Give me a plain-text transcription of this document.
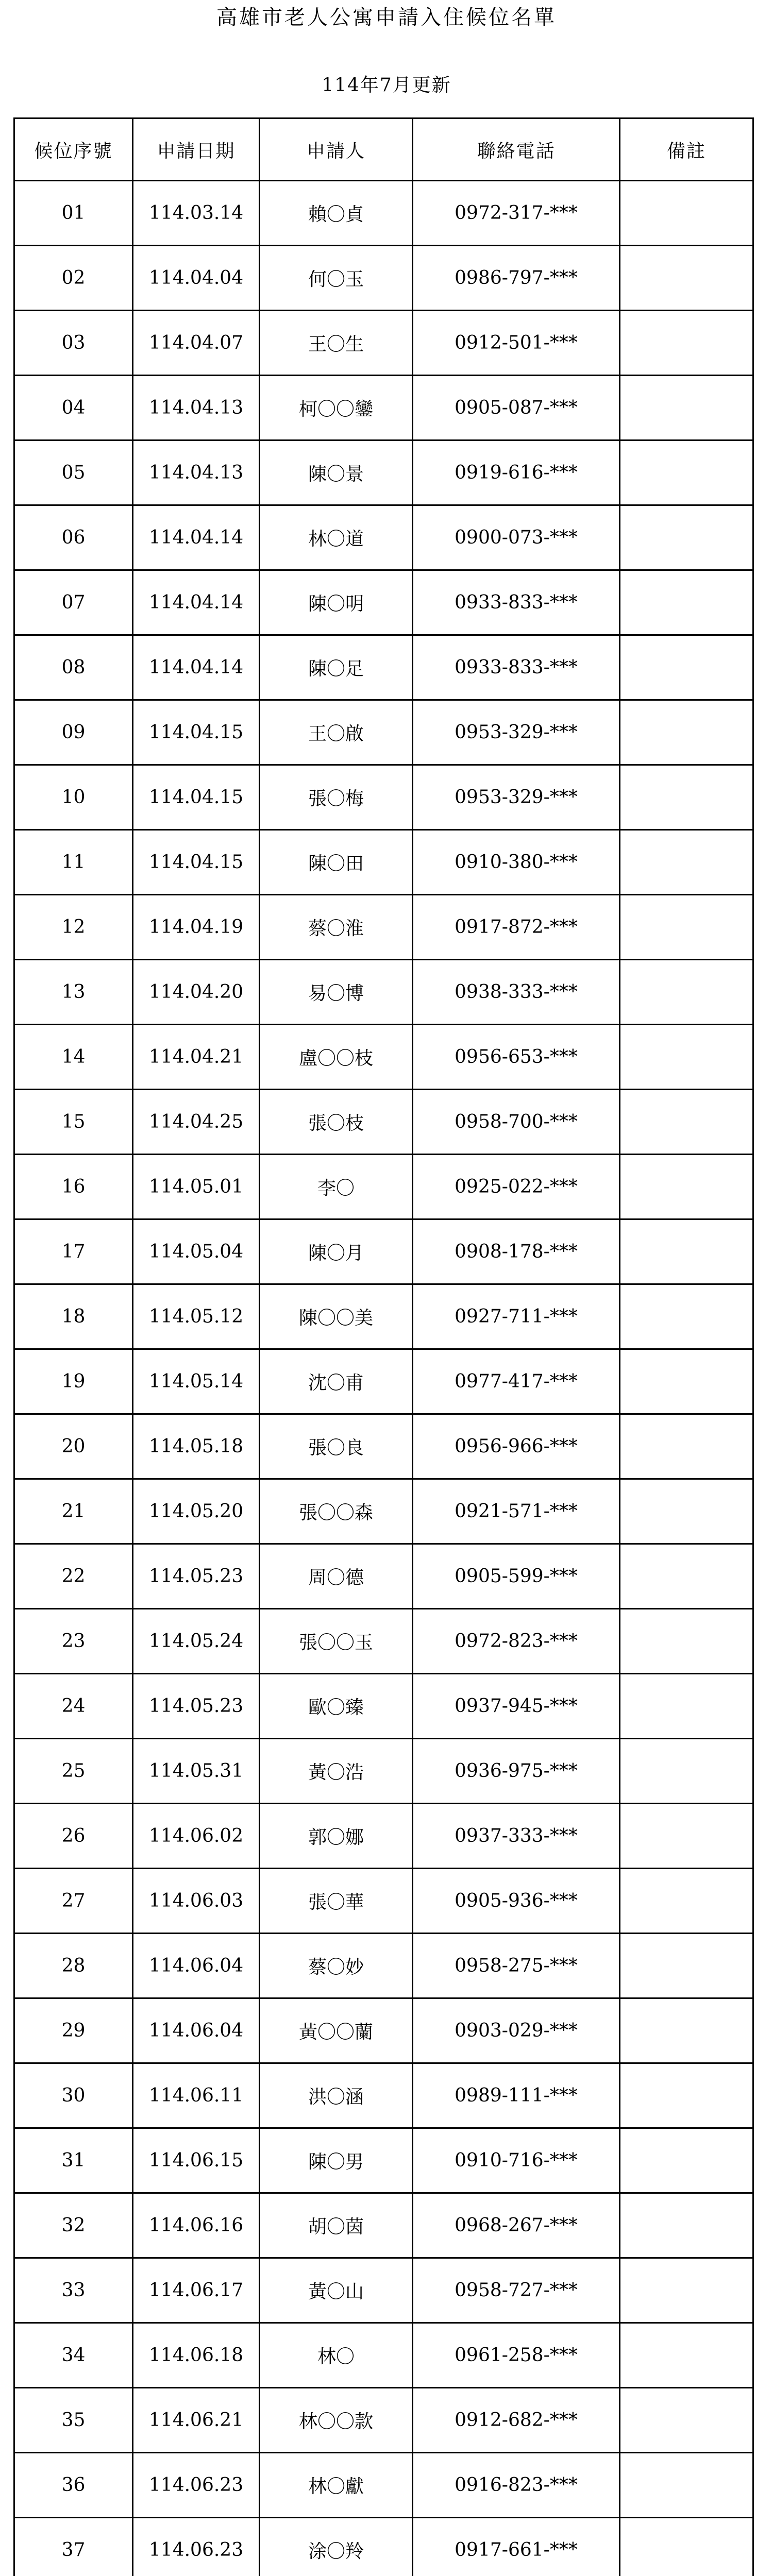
高雄市老人公寓申請入住候位名單
114年7月更新
候位序號	申請日期	申請人	聯絡電話	備註
01	114.03.14	賴〇貞	0972-317-***	
02	114.04.04	何〇玉	0986-797-***	
03	114.04.07	王〇生	0912-501-***	
04	114.04.13	柯〇〇鑾	0905-087-***	
05	114.04.13	陳〇景	0919-616-***	
06	114.04.14	林〇道	0900-073-***	
07	114.04.14	陳〇明	0933-833-***	
08	114.04.14	陳〇足	0933-833-***	
09	114.04.15	王〇啟	0953-329-***	
10	114.04.15	張〇梅	0953-329-***	
11	114.04.15	陳〇田	0910-380-***	
12	114.04.19	蔡〇淮	0917-872-***	
13	114.04.20	易〇博	0938-333-***	
14	114.04.21	盧〇〇枝	0956-653-***	
15	114.04.25	張〇枝	0958-700-***	
16	114.05.01	李〇	0925-022-***	
17	114.05.04	陳〇月	0908-178-***	
18	114.05.12	陳〇〇美	0927-711-***	
19	114.05.14	沈〇甫	0977-417-***	
20	114.05.18	張〇良	0956-966-***	
21	114.05.20	張〇〇森	0921-571-***	
22	114.05.23	周〇德	0905-599-***	
23	114.05.24	張〇〇玉	0972-823-***	
24	114.05.23	歐〇臻	0937-945-***	
25	114.05.31	黃〇浩	0936-975-***	
26	114.06.02	郭〇娜	0937-333-***	
27	114.06.03	張〇華	0905-936-***	
28	114.06.04	蔡〇妙	0958-275-***	
29	114.06.04	黃〇〇蘭	0903-029-***	
30	114.06.11	洪〇涵	0989-111-***	
31	114.06.15	陳〇男	0910-716-***	
32	114.06.16	胡〇茵	0968-267-***	
33	114.06.17	黃〇山	0958-727-***	
34	114.06.18	林〇	0961-258-***	
35	114.06.21	林〇〇款	0912-682-***	
36	114.06.23	林〇獻	0916-823-***	
37	114.06.23	涂〇羚	0917-661-***	
